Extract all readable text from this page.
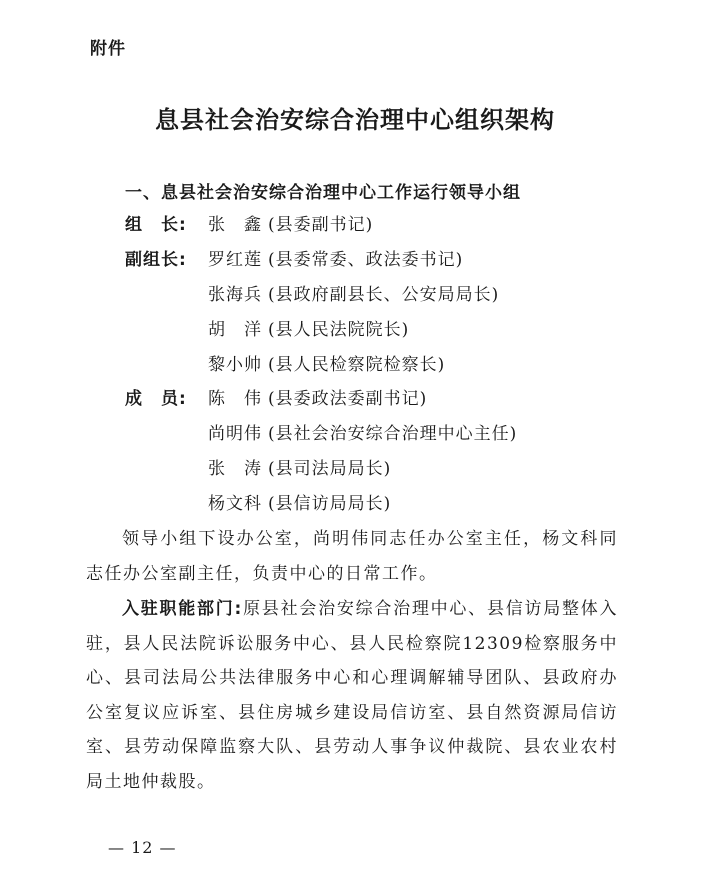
附件
息县社会治安综合治理中心组织架构
一、息县社会治安综合治理中心工作运行领导小组
组　长:	张　鑫 (县委副书记)
副组长:	罗红莲 (县委常委、政法委书记)
张海兵 (县政府副县长、公安局局长)
胡　洋 (县人民法院院长)
黎小帅 (县人民检察院检察长)
成　员:	陈　伟 (县委政法委副书记)
尚明伟 (县社会治安综合治理中心主任)
张　涛 (县司法局局长)
杨文科 (县信访局局长)
领导小组下设办公室，尚明伟同志任办公室主任，杨文科同志任办公室副主任，负责中心的日常工作。
入驻职能部门:原县社会治安综合治理中心、县信访局整体入驻，县人民法院诉讼服务中心、县人民检察院12309检察服务中心、县司法局公共法律服务中心和心理调解辅导团队、县政府办公室复议应诉室、县住房城乡建设局信访室、县自然资源局信访室、县劳动保障监察大队、县劳动人事争议仲裁院、县农业农村局土地仲裁股。
— 12 —
